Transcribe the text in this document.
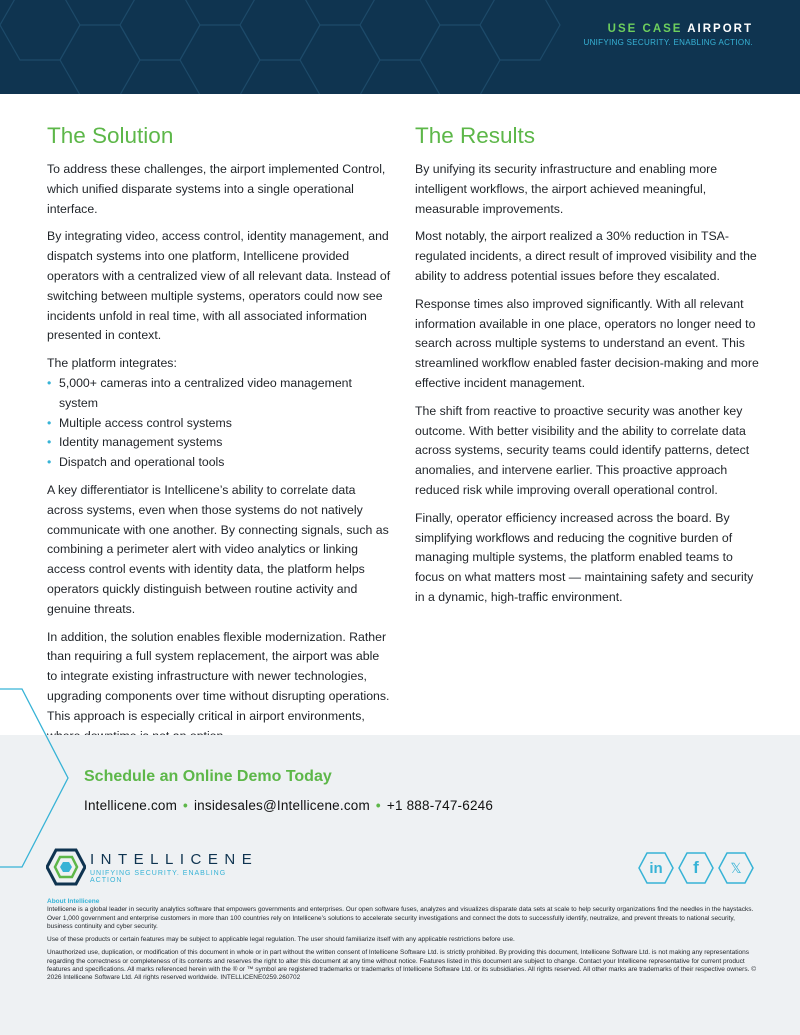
USE CASE AIRPORT
UNIFYING SECURITY. ENABLING ACTION.
The Solution

To address these challenges, the airport implemented Control, which unified disparate systems into a single operational interface.

By integrating video, access control, identity management, and dispatch systems into one platform, Intellicene provided operators with a centralized view of all relevant data. Instead of switching between multiple systems, operators could now see incidents unfold in real time, with all associated information presented in context.

The platform integrates:

• 5,000+ cameras into a centralized video management system
• Multiple access control systems
• Identity management systems
• Dispatch and operational tools

A key differentiator is Intellicene’s ability to correlate data across systems, even when those systems do not natively communicate with one another. By connecting signals, such as combining a perimeter alert with video analytics or linking access control events with identity data, the platform helps operators quickly distinguish between routine activity and genuine threats.

In addition, the solution enables flexible modernization. Rather than requiring a full system replacement, the airport was able to integrate existing infrastructure with newer technologies, upgrading components over time without disrupting operations. This approach is especially critical in airport environments,

The Results

By unifying its security infrastructure and enabling more intelligent workflows, the airport achieved meaningful, measurable improvements.

Most notably, the airport realized a 30% reduction in TSA-regulated incidents, a direct result of improved visibility and the ability to address potential issues before they escalated.

Response times also improved significantly. With all relevant information available in one place, operators no longer need to search across multiple systems to understand an event. This streamlined workflow enabled faster decision-making and more effective incident management.

The shift from reactive to proactive security was another key outcome. With better visibility and the ability to correlate data across systems, security teams could identify patterns, detect anomalies, and intervene earlier. This proactive approach reduced risk while improving overall operational control.

Finally, operator efficiency increased across the board. By simplifying workflows and reducing the cognitive burden of managing multiple systems, the platform enabled teams to focus on what matters most — maintaining safety and security in a dynamic, high-traffic environment.

Schedule an Online Demo Today
Intellicene.com • insidesales@Intellicene.com • +1 888-747-6246
INTELLICENE
UNIFYING SECURITY. ENABLING ACTION
in	f	𝕏
About Intellicene

Intellicene is a global leader in security analytics software that empowers governments and enterprises. Our open software fuses, analyzes and visualizes disparate data sets at scale to help security organizations find the needles in the haystacks. Over 1,000 government and enterprise customers in more than 100 countries rely on Intellicene’s solutions to accelerate security investigations and connect the dots to successfully identify, neutralize, and prevent threats to national security, business continuity and cyber security.

Use of these products or certain features may be subject to applicable legal regulation. The user should familiarize itself with any applicable restrictions before use.

Unauthorized use, duplication, or modification of this document in whole or in part without the written consent of Intellicene Software Ltd. is strictly prohibited. By providing this document, Intellicene Software Ltd. is not making any representations regarding the correctness or completeness of its contents and reserves the right to alter this document at any time without notice. Features listed in this document are subject to change. Contact your Intellicene representative for current product features and specifications. All marks referenced herein with the ® or ™ symbol are registered trademarks or trademarks of Intellicene Software Ltd. or its subsidiaries. All rights reserved. All other marks are trademarks of their respective owners. © 2026 Intellicene Software Ltd. All rights reserved worldwide. INTELLICENE0259.260702
